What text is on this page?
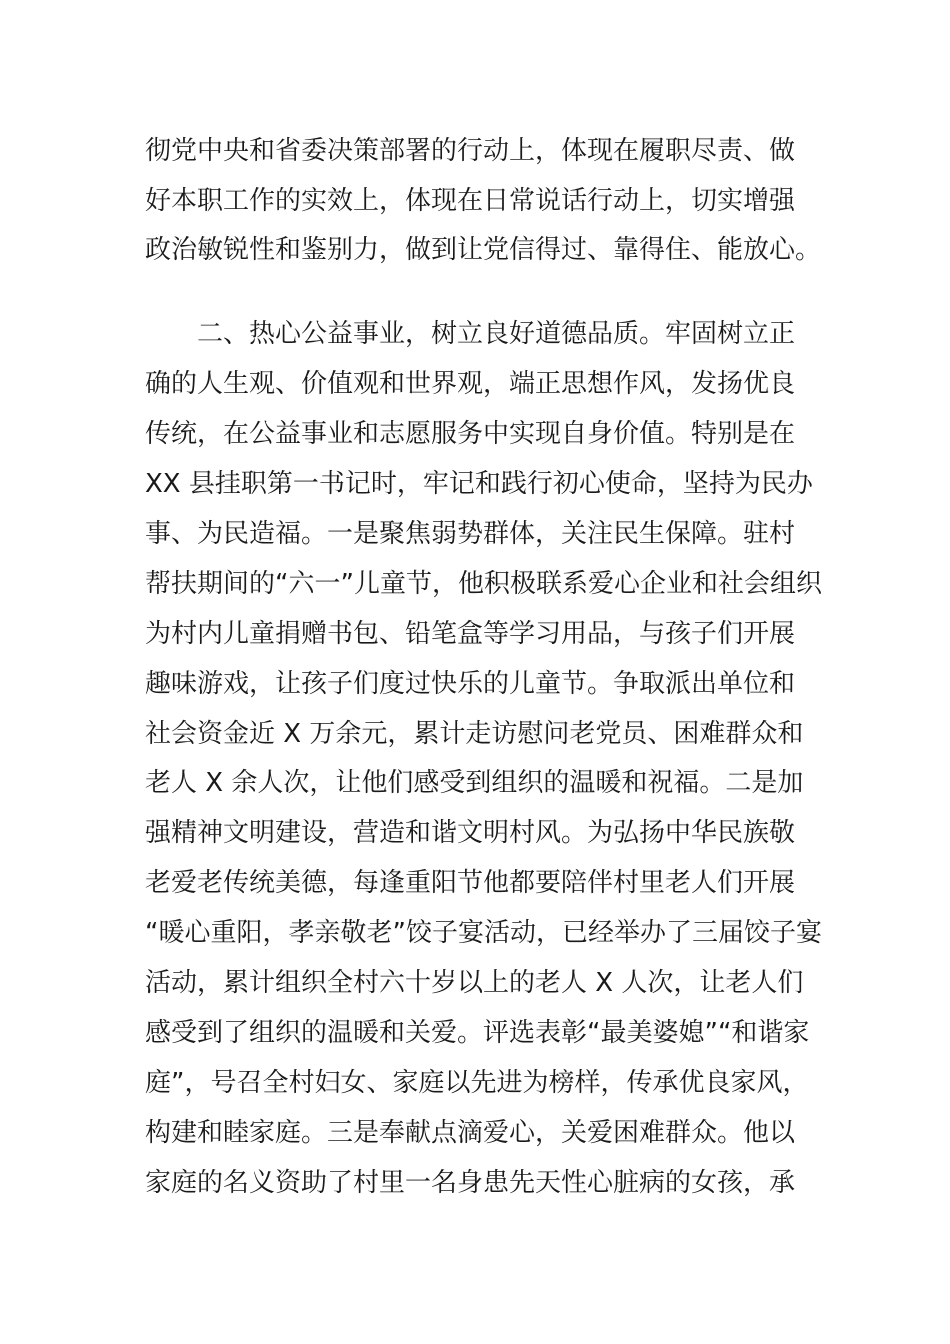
彻党中央和省委决策部署的行动上，体现在履职尽责、做
好本职工作的实效上，体现在日常说话行动上，切实增强
政治敏锐性和鉴别力，做到让党信得过、靠得住、能放心。
二、热心公益事业，树立良好道德品质。牢固树立正
确的人生观、价值观和世界观，端正思想作风，发扬优良
传统，在公益事业和志愿服务中实现自身价值。特别是在
XX 县挂职第一书记时，牢记和践行初心使命，坚持为民办
事、为民造福。一是聚焦弱势群体，关注民生保障。驻村
帮扶期间的“六一”儿童节，他积极联系爱心企业和社会组织
为村内儿童捐赠书包、铅笔盒等学习用品，与孩子们开展
趣味游戏，让孩子们度过快乐的儿童节。争取派出单位和
社会资金近 X 万余元，累计走访慰问老党员、困难群众和
老人 X 余人次，让他们感受到组织的温暖和祝福。二是加
强精神文明建设，营造和谐文明村风。为弘扬中华民族敬
老爱老传统美德，每逢重阳节他都要陪伴村里老人们开展
“暖心重阳，孝亲敬老”饺子宴活动，已经举办了三届饺子宴
活动，累计组织全村六十岁以上的老人 X 人次，让老人们
感受到了组织的温暖和关爱。评选表彰“最美婆媳”“和谐家
庭”，号召全村妇女、家庭以先进为榜样，传承优良家风，
构建和睦家庭。三是奉献点滴爱心，关爱困难群众。他以
家庭的名义资助了村里一名身患先天性心脏病的女孩，承
